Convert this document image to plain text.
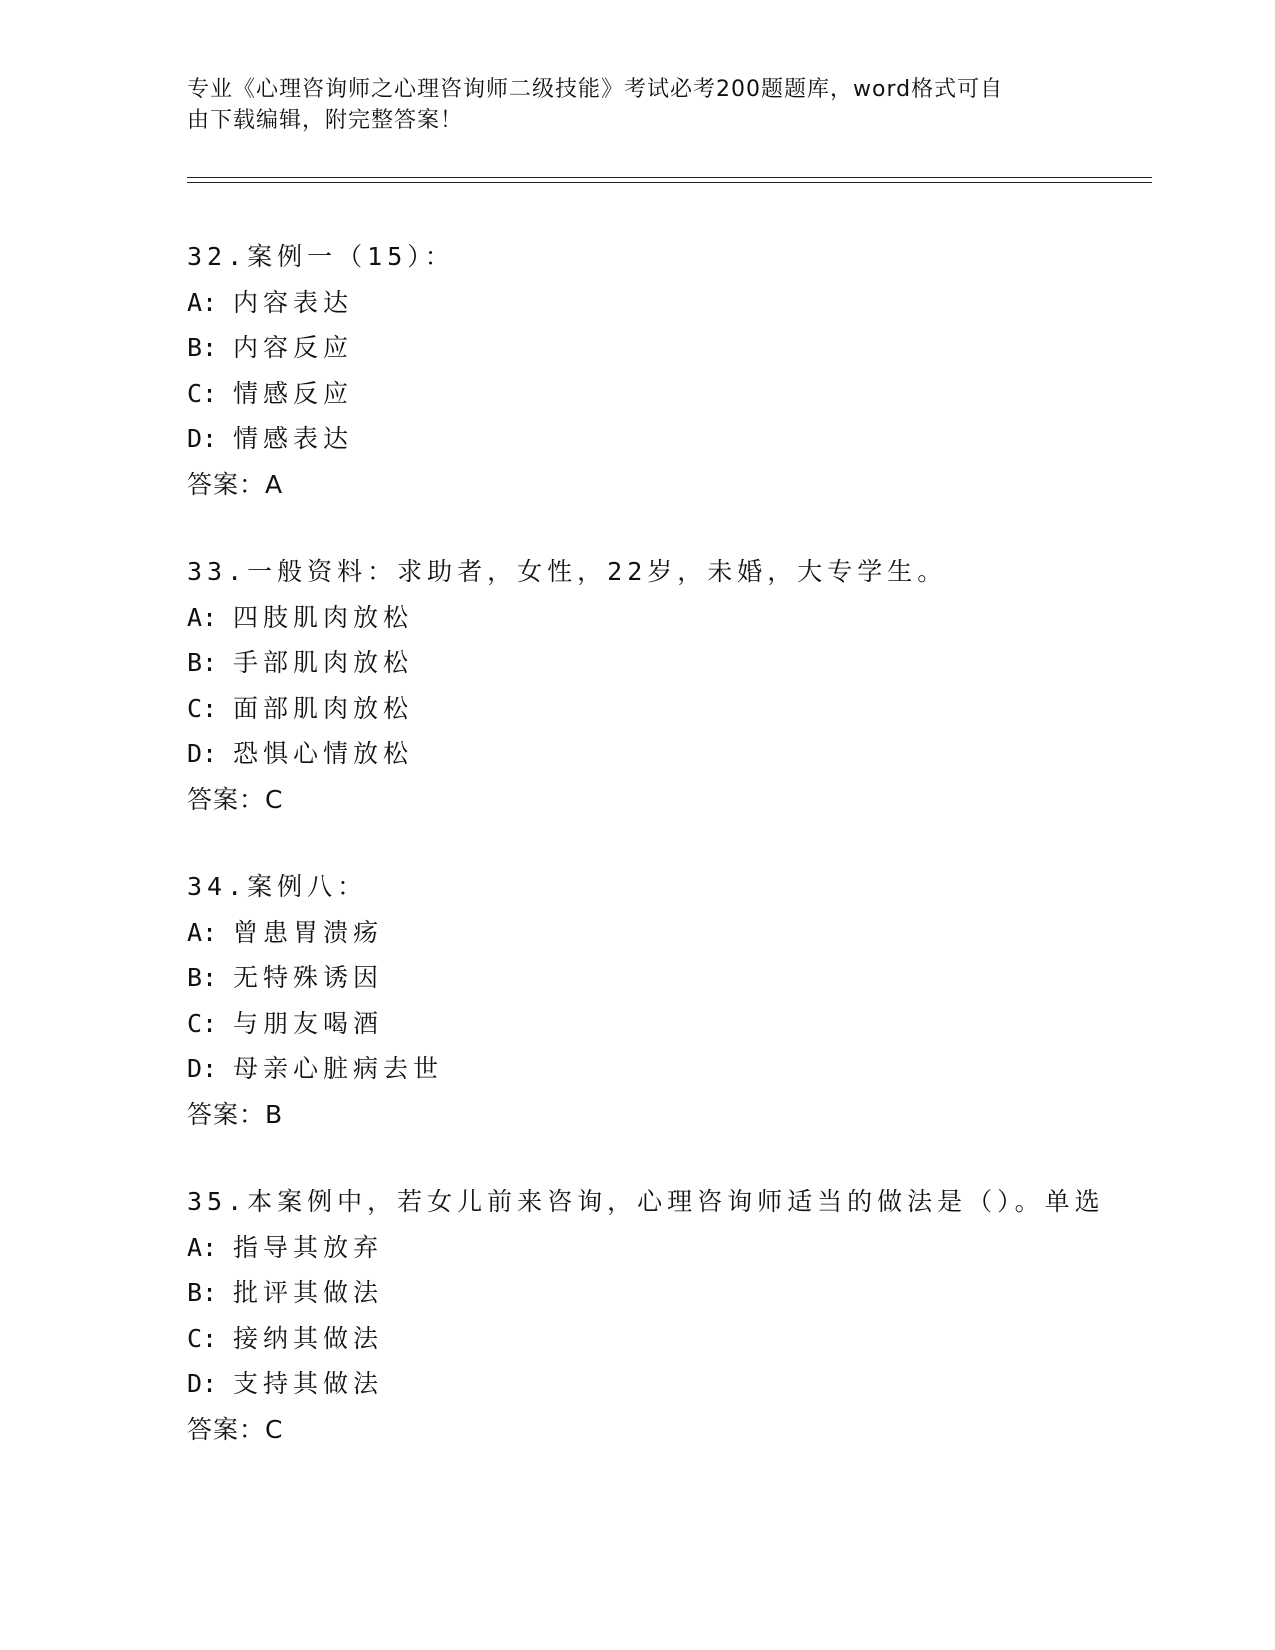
专业《心理咨询师之心理咨询师二级技能》考试必考200题题库，word格式可自
由下载编辑，附完整答案！
32.案例一（15）：
A: 内容表达
B: 内容反应
C: 情感反应
D: 情感表达
答案：A
33.一般资料：求助者，女性，22岁，未婚，大专学生。
A: 四肢肌肉放松
B: 手部肌肉放松
C: 面部肌肉放松
D: 恐惧心情放松
答案：C
34.案例八：
A: 曾患胃溃疡
B: 无特殊诱因
C: 与朋友喝酒
D: 母亲心脏病去世
答案：B
35.本案例中，若女儿前来咨询，心理咨询师适当的做法是（）。单选
A: 指导其放弃
B: 批评其做法
C: 接纳其做法
D: 支持其做法
答案：C
